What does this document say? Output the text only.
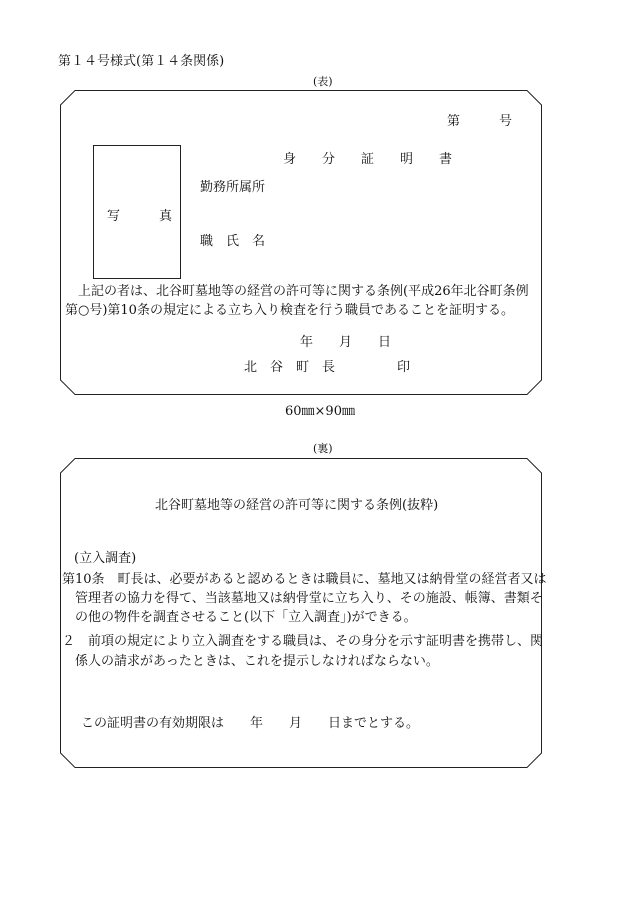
第１４号様式(第１４条関係)
(表)
第　　　号
身　　分　　証　　明　　書
写　　　真
勤務所属所
職　氏　名
上記の者は、北谷町墓地等の経営の許可等に関する条例(平成26年北谷町条例第○号)第10条の規定による立ち入り検査を行う職員であることを証明する。
年　　月　　日
北　谷　町　長	印
60㎜×90㎜
(裏)
北谷町墓地等の経営の許可等に関する条例(抜粋)
(立入調査)
第10条　町長は、必要があると認めるときは職員に、墓地又は納骨堂の経営者又は
管理者の協力を得て、当該墓地又は納骨堂に立ち入り、その施設、帳簿、書類そ
の他の物件を調査させること(以下「立入調査」)ができる。
２　前項の規定により立入調査をする職員は、その身分を示す証明書を携帯し、関
係人の請求があったときは、これを提示しなければならない。
この証明書の有効期限は　　年　　月　　日までとする。
